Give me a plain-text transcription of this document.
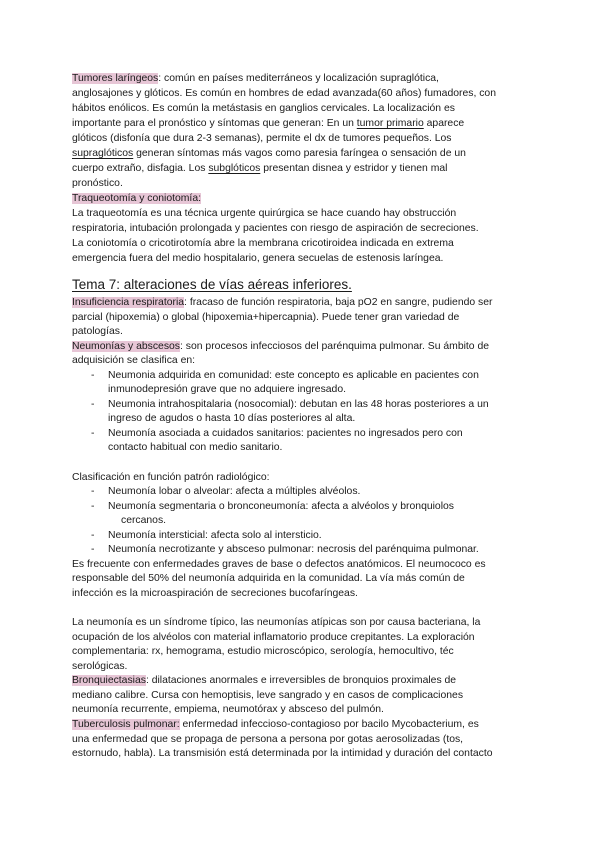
Tumores laríngeos: común en países mediterráneos y localización supraglótica,
anglosajones y glóticos. Es común en hombres de edad avanzada(60 años) fumadores, con
hábitos enólicos. Es común la metástasis en ganglios cervicales. La localización es
importante para el pronóstico y síntomas que generan: En un tumor primario aparece
glóticos (disfonía que dura 2-3 semanas), permite el dx de tumores pequeños. Los
supraglóticos generan síntomas más vagos como paresia faríngea o sensación de un
cuerpo extraño, disfagia. Los subglóticos presentan disnea y estridor y tienen mal
pronóstico.
Traqueotomía y coniotomía:
La traqueotomía es una técnica urgente quirúrgica se hace cuando hay obstrucción
respiratoria, intubación prolongada y pacientes con riesgo de aspiración de secreciones.
La coniotomía o cricotirotomía abre la membrana cricotiroidea indicada en extrema
emergencia fuera del medio hospitalario, genera secuelas de estenosis laríngea.
Tema 7: alteraciones de vías aéreas inferiores.
Insuficiencia respiratoria: fracaso de función respiratoria, baja pO2 en sangre, pudiendo ser
parcial (hipoxemia) o global (hipoxemia+hipercapnia). Puede tener gran variedad de
patologías.
Neumonías y abscesos: son procesos infecciosos del parénquima pulmonar. Su ámbito de
adquisición se clasifica en:
- Neumonia adquirida en comunidad: este concepto es aplicable en pacientes con
inmunodepresión grave que no adquiere ingresado.
- Neumonia intrahospitalaria (nosocomial): debutan en las 48 horas posteriores a un
ingreso de agudos o hasta 10 días posteriores al alta.
- Neumonía asociada a cuidados sanitarios: pacientes no ingresados pero con
contacto habitual con medio sanitario.
Clasificación en función patrón radiológico:
- Neumonía lobar o alveolar: afecta a múltiples alvéolos.
- Neumonía segmentaria o bronconeumonía: afecta a alvéolos y bronquiolos
cercanos.
- Neumonía intersticial: afecta solo al intersticio.
- Neumonía necrotizante y absceso pulmonar: necrosis del parénquima pulmonar.
Es frecuente con enfermedades graves de base o defectos anatómicos. El neumococo es
responsable del 50% del neumonía adquirida en la comunidad. La vía más común de
infección es la microaspiración de secreciones bucofaríngeas.
La neumonía es un síndrome típico, las neumonías atípicas son por causa bacteriana, la
ocupación de los alvéolos con material inflamatorio produce crepitantes. La exploración
complementaria: rx, hemograma, estudio microscópico, serología, hemocultivo, téc
serológicas.
Bronquiectasias: dilataciones anormales e irreversibles de bronquios proximales de
mediano calibre. Cursa con hemoptisis, leve sangrado y en casos de complicaciones
neumonía recurrente, empiema, neumotórax y absceso del pulmón.
Tuberculosis pulmonar: enfermedad infeccioso-contagioso por bacilo Mycobacterium, es
una enfermedad que se propaga de persona a persona por gotas aerosolizadas (tos,
estornudo, habla). La transmisión está determinada por la intimidad y duración del contacto
